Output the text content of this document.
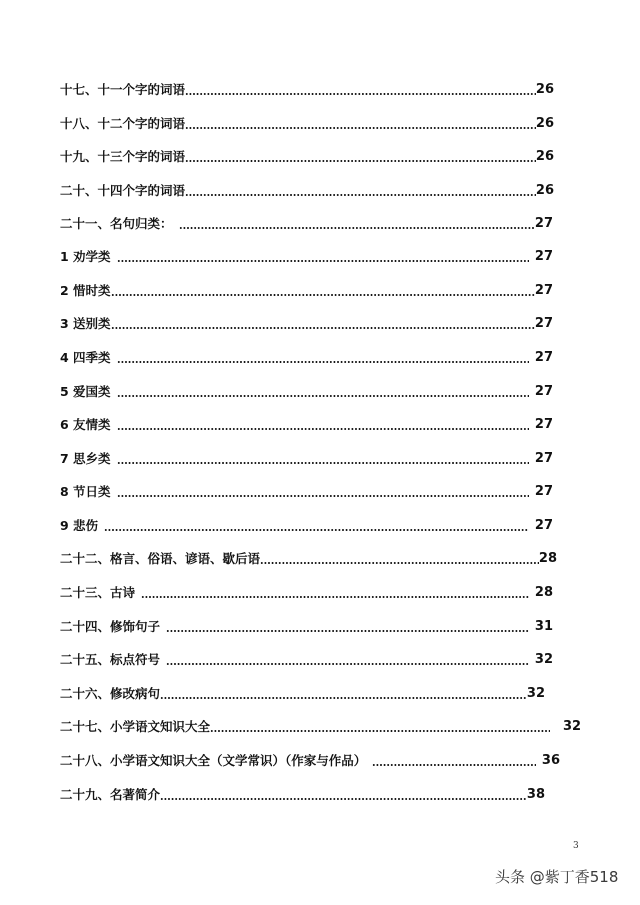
十七、十一个字的词语	26
十八、十二个字的词语	26
十九、十三个字的词语	26
二十、十四个字的词语	26
二十一、名句归类：	27
1 劝学类	27
2 惜时类	27
3 送别类	27
4 四季类	27
5 爱国类	27
6 友情类	27
7 思乡类	27
8 节日类	27
9 悲伤	27
二十二、格言、俗语、谚语、歇后语	28
二十三、古诗	28
二十四、修饰句子	31
二十五、标点符号	32
二十六、修改病句	32
二十七、小学语文知识大全	32
二十八、小学语文知识大全（文学常识）（作家与作品）	36
二十九、名著简介	38
3
头条 @紫丁香518
